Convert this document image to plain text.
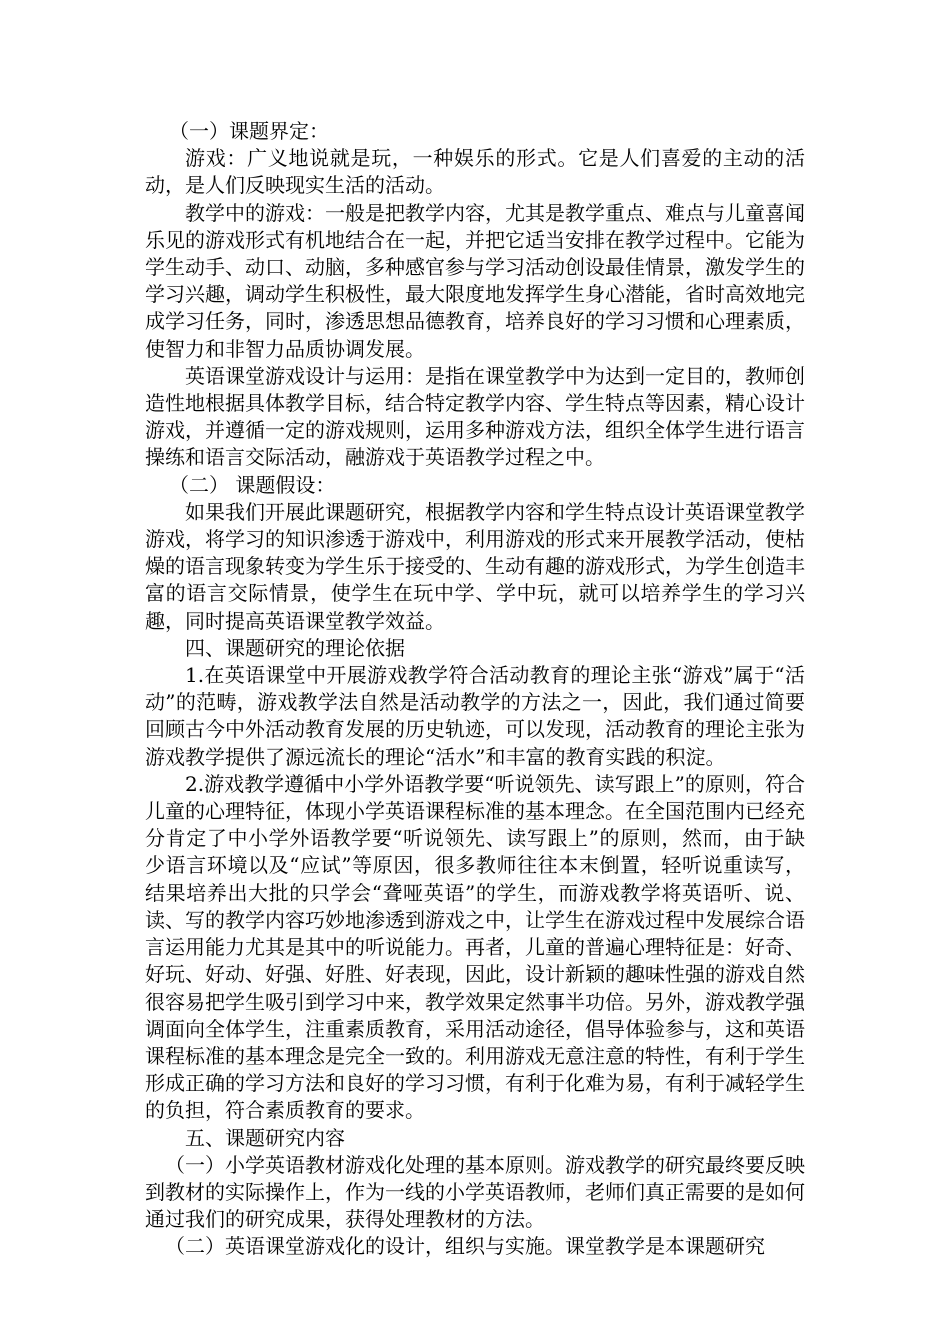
（一）课题界定：

游戏：广义地说就是玩，一种娱乐的形式。它是人们喜爱的主动的活动，是人们反映现实生活的活动。

教学中的游戏：一般是把教学内容，尤其是教学重点、难点与儿童喜闻乐见的游戏形式有机地结合在一起，并把它适当安排在教学过程中。它能为学生动手、动口、动脑，多种感官参与学习活动创设最佳情景，激发学生的学习兴趣，调动学生积极性，最大限度地发挥学生身心潜能，省时高效地完成学习任务，同时，渗透思想品德教育，培养良好的学习习惯和心理素质，使智力和非智力品质协调发展。

英语课堂游戏设计与运用：是指在课堂教学中为达到一定目的，教师创造性地根据具体教学目标，结合特定教学内容、学生特点等因素，精心设计游戏，并遵循一定的游戏规则，运用多种游戏方法，组织全体学生进行语言操练和语言交际活动，融游戏于英语教学过程之中。

（二） 课题假设：

如果我们开展此课题研究，根据教学内容和学生特点设计英语课堂教学游戏，将学习的知识渗透于游戏中，利用游戏的形式来开展教学活动，使枯燥的语言现象转变为学生乐于接受的、生动有趣的游戏形式，为学生创造丰富的语言交际情景，使学生在玩中学、学中玩，就可以培养学生的学习兴趣，同时提高英语课堂教学效益。

四、课题研究的理论依据

1.在英语课堂中开展游戏教学符合活动教育的理论主张“游戏”属于“活动”的范畴，游戏教学法自然是活动教学的方法之一，因此，我们通过简要回顾古今中外活动教育发展的历史轨迹，可以发现，活动教育的理论主张为游戏教学提供了源远流长的理论“活水”和丰富的教育实践的积淀。

2.游戏教学遵循中小学外语教学要“听说领先、读写跟上”的原则，符合儿童的心理特征，体现小学英语课程标准的基本理念。在全国范围内已经充分肯定了中小学外语教学要“听说领先、读写跟上”的原则，然而，由于缺少语言环境以及“应试”等原因，很多教师往往本末倒置，轻听说重读写，结果培养出大批的只学会“聋哑英语”的学生，而游戏教学将英语听、说、读、写的教学内容巧妙地渗透到游戏之中，让学生在游戏过程中发展综合语言运用能力尤其是其中的听说能力。再者，儿童的普遍心理特征是：好奇、好玩、好动、好强、好胜、好表现，因此，设计新颖的趣味性强的游戏自然很容易把学生吸引到学习中来，教学效果定然事半功倍。另外，游戏教学强调面向全体学生，注重素质教育，采用活动途径，倡导体验参与，这和英语课程标准的基本理念是完全一致的。利用游戏无意注意的特性，有利于学生形成正确的学习方法和良好的学习习惯，有利于化难为易，有利于减轻学生的负担，符合素质教育的要求。

五、课题研究内容

（一）小学英语教材游戏化处理的基本原则。游戏教学的研究最终要反映到教材的实际操作上，作为一线的小学英语教师，老师们真正需要的是如何通过我们的研究成果，获得处理教材的方法。

（二）英语课堂游戏化的设计，组织与实施。课堂教学是本课题研究
